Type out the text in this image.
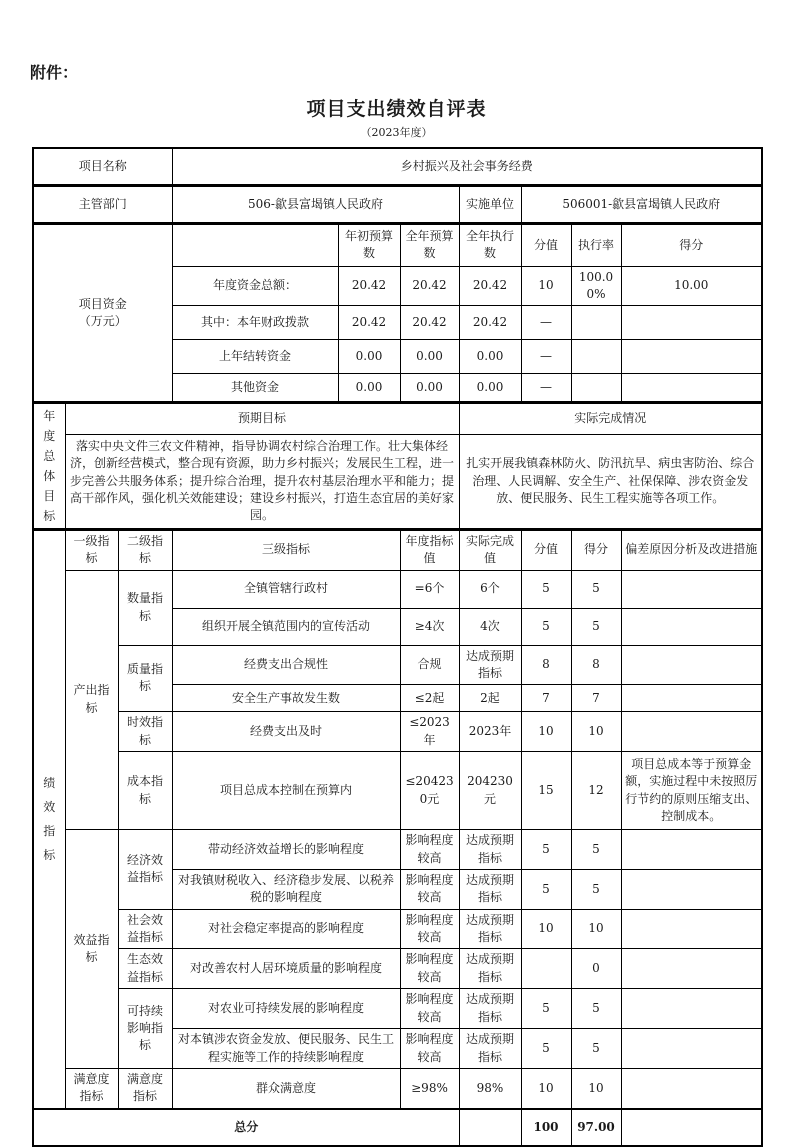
附件：
项目支出绩效自评表
（2023年度）
项目名称	乡村振兴及社会事务经费
主管部门	506-歙县富堨镇人民政府	实施单位	506001-歙县富堨镇人民政府
项目资金
（万元）		年初预算数	全年预算数	全年执行数	分值	执行率	得分
	年度资金总额：	20.42	20.42	20.42	10	100.00%	10.00
	其中：本年财政拨款	20.42	20.42	20.42	—		
	上年结转资金	0.00	0.00	0.00	—		
	其他资金	0.00	0.00	0.00	—		
年度总体目标	预期目标	实际完成情况
	落实中央文件三农文件精神，指导协调农村综合治理工作。壮大集体经济，创新经营模式，整合现有资源，助力乡村振兴；发展民生工程，进一步完善公共服务体系；提升综合治理，提升农村基层治理水平和能力；提高干部作风，强化机关效能建设；建设乡村振兴，打造生态宜居的美好家园。	扎实开展我镇森林防火、防汛抗旱、病虫害防治、综合治理、人民调解、安全生产、社保保障、涉农资金发放、便民服务、民生工程实施等各项工作。
绩效指标	一级指标	二级指标	三级指标	年度指标值	实际完成值	分值	得分	偏差原因分析及改进措施
	产出指标	数量指标	全镇管辖行政村	=6个	6个	5	5	
			组织开展全镇范围内的宣传活动	≥4次	4次	5	5	
		质量指标	经费支出合规性	合规	达成预期指标	8	8	
			安全生产事故发生数	≤2起	2起	7	7	
		时效指标	经费支出及时	≤2023年	2023年	10	10	
		成本指标	项目总成本控制在预算内	≤204230元	204230元	15	12	项目总成本等于预算金额，实施过程中未按照厉行节约的原则压缩支出、控制成本。
	效益指标	经济效益指标	带动经济效益增长的影响程度	影响程度较高	达成预期指标	5	5	
			对我镇财税收入、经济稳步发展、以税养税的影响程度	影响程度较高	达成预期指标	5	5	
		社会效益指标	对社会稳定率提高的影响程度	影响程度较高	达成预期指标	10	10	
		生态效益指标	对改善农村人居环境质量的影响程度	影响程度较高	达成预期指标		0	
		可持续影响指标	对农业可持续发展的影响程度	影响程度较高	达成预期指标	5	5	
			对本镇涉农资金发放、便民服务、民生工程实施等工作的持续影响程度	影响程度较高	达成预期指标	5	5	
	满意度指标	满意度指标	群众满意度	≥98%	98%	10	10	
总分						100	97.00	
